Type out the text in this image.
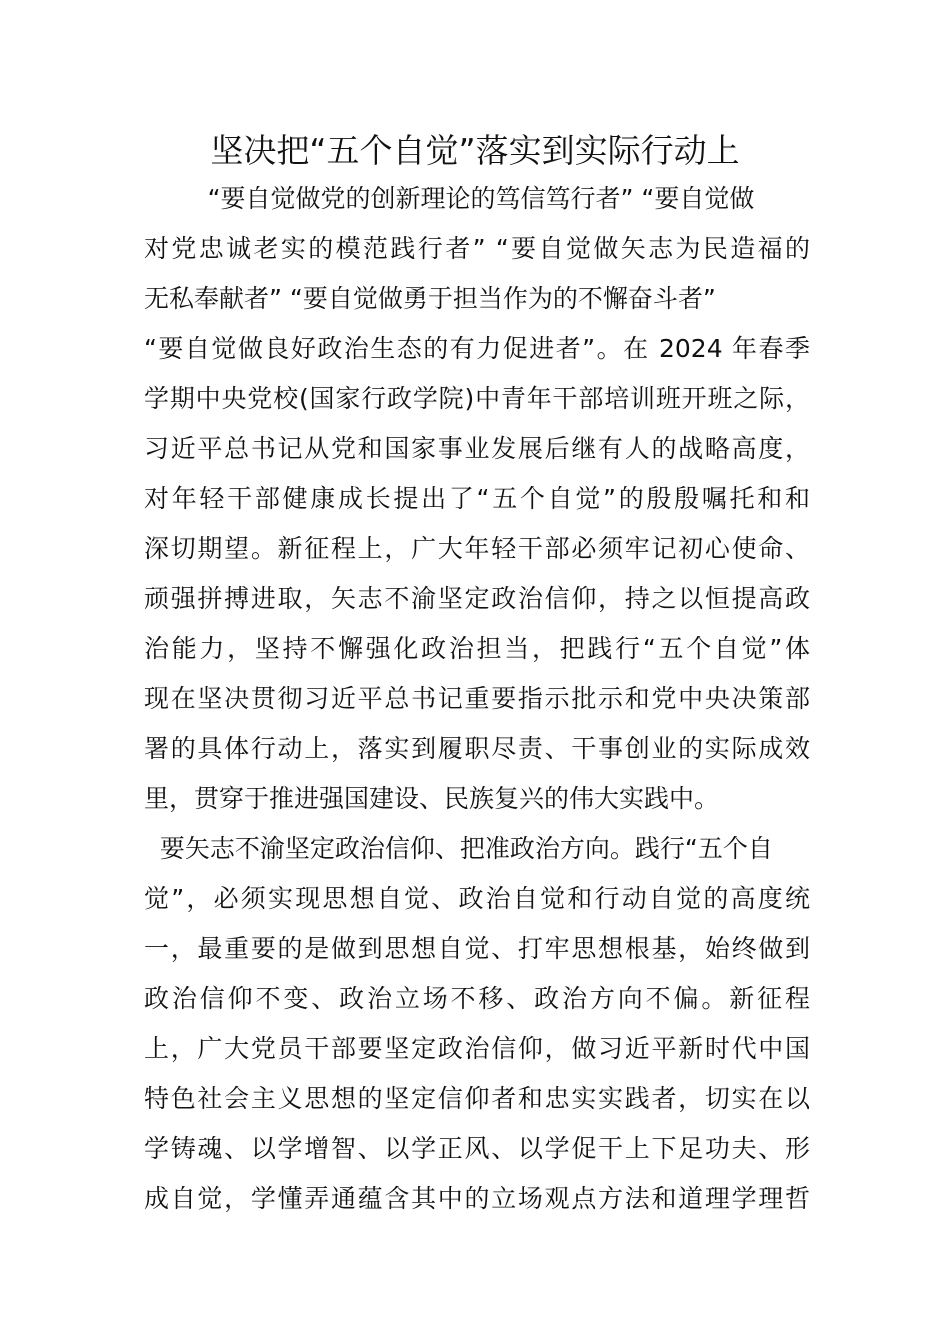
坚决把“五个自觉”落实到实际行动上
“要自觉做党的创新理论的笃信笃行者” “要自觉做
对党忠诚老实的模范践行者” “要自觉做矢志为民造福的
无私奉献者” “要自觉做勇于担当作为的不懈奋斗者”
“要自觉做良好政治生态的有力促进者”。在 2024 年春季
学期中央党校(国家行政学院)中青年干部培训班开班之际，
习近平总书记从党和国家事业发展后继有人的战略高度，
对年轻干部健康成长提出了“五个自觉”的殷殷嘱托和和
深切期望。新征程上，广大年轻干部必须牢记初心使命、
顽强拼搏进取，矢志不渝坚定政治信仰，持之以恒提高政
治能力，坚持不懈强化政治担当，把践行“五个自觉”体
现在坚决贯彻习近平总书记重要指示批示和党中央决策部
署的具体行动上，落实到履职尽责、干事创业的实际成效
里，贯穿于推进强国建设、民族复兴的伟大实践中。
要矢志不渝坚定政治信仰、把准政治方向。践行“五个自
觉”，必须实现思想自觉、政治自觉和行动自觉的高度统
一，最重要的是做到思想自觉、打牢思想根基，始终做到
政治信仰不变、政治立场不移、政治方向不偏。新征程
上，广大党员干部要坚定政治信仰，做习近平新时代中国
特色社会主义思想的坚定信仰者和忠实实践者，切实在以
学铸魂、以学增智、以学正风、以学促干上下足功夫、形
成自觉，学懂弄通蕴含其中的立场观点方法和道理学理哲
